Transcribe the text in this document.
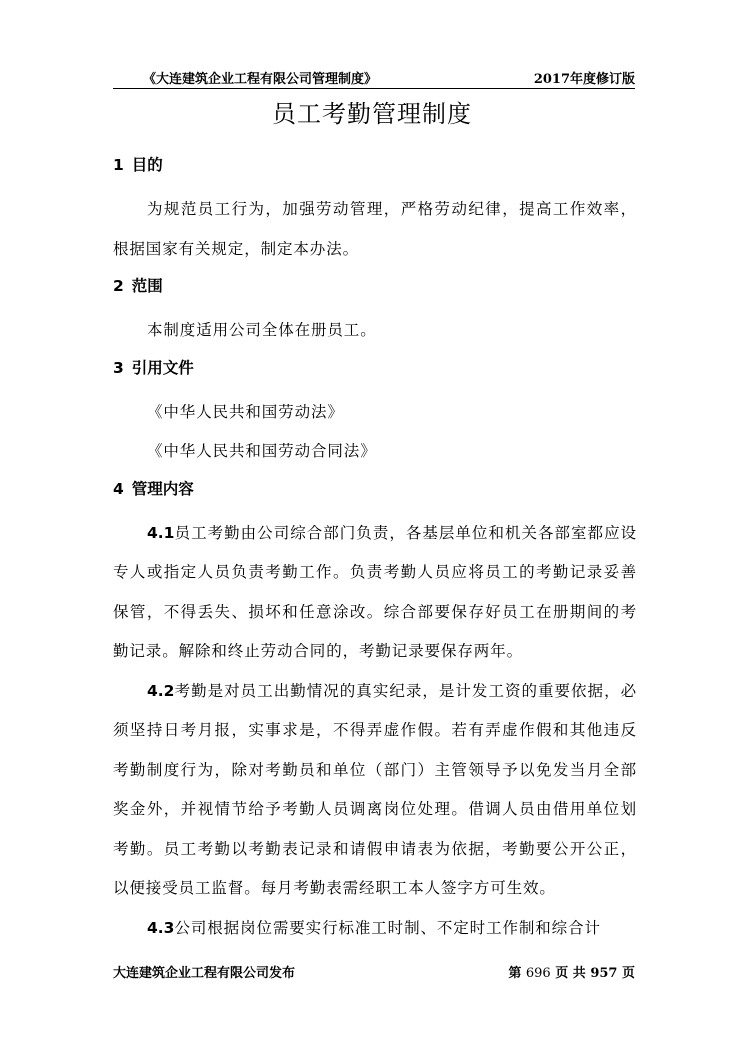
《大连建筑企业工程有限公司管理制度》	2017年度修订版
员工考勤管理制度
1 目的

为规范员工行为，加强劳动管理，严格劳动纪律，提高工作效率，根据国家有关规定，制定本办法。

2 范围

本制度适用公司全体在册员工。

3 引用文件

《中华人民共和国劳动法》

《中华人民共和国劳动合同法》

4 管理内容

4.1员工考勤由公司综合部门负责，各基层单位和机关各部室都应设专人或指定人员负责考勤工作。负责考勤人员应将员工的考勤记录妥善保管，不得丢失、损坏和任意涂改。综合部要保存好员工在册期间的考勤记录。解除和终止劳动合同的，考勤记录要保存两年。

4.2考勤是对员工出勤情况的真实纪录，是计发工资的重要依据，必须坚持日考月报，实事求是，不得弄虚作假。若有弄虚作假和其他违反考勤制度行为，除对考勤员和单位（部门）主管领导予以免发当月全部奖金外，并视情节给予考勤人员调离岗位处理。借调人员由借用单位划考勤。员工考勤以考勤表记录和请假申请表为依据，考勤要公开公正，以便接受员工监督。每月考勤表需经职工本人签字方可生效。

4.3公司根据岗位需要实行标准工时制、不定时工作制和综合计

大连建筑企业工程有限公司发布	第 696 页 共 957 页
